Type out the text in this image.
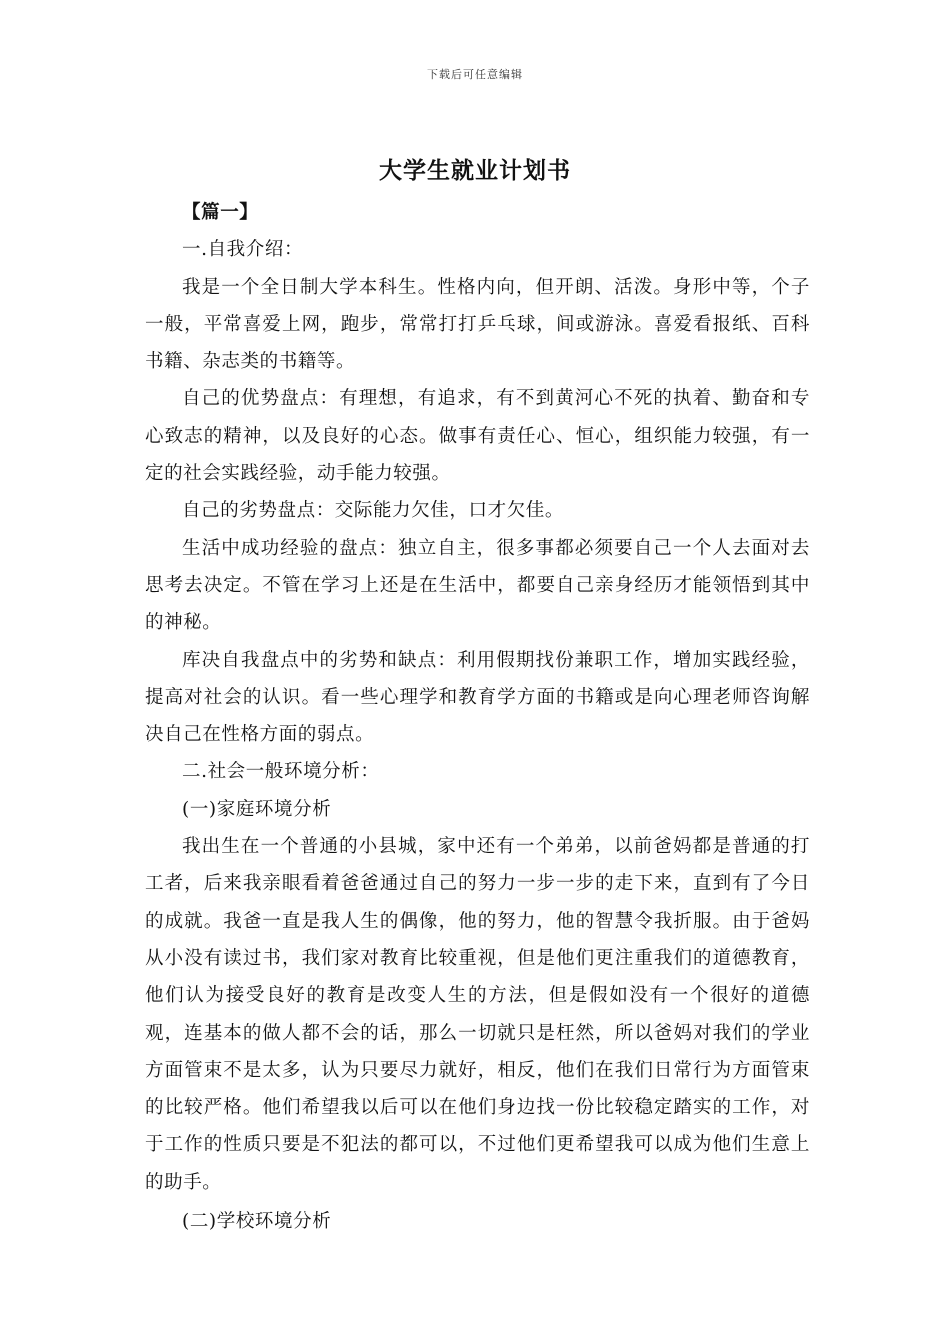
下载后可任意编辑
大学生就业计划书

【篇一】

一.自我介绍：

我是一个全日制大学本科生。性格内向，但开朗、活泼。身形中等，个子一般，平常喜爱上网，跑步，常常打打乒乓球，间或游泳。喜爱看报纸、百科书籍、杂志类的书籍等。

自己的优势盘点：有理想，有追求，有不到黄河心不死的执着、勤奋和专心致志的精神，以及良好的心态。做事有责任心、恒心，组织能力较强，有一定的社会实践经验，动手能力较强。

自己的劣势盘点：交际能力欠佳，口才欠佳。

生活中成功经验的盘点：独立自主，很多事都必须要自己一个人去面对去思考去决定。不管在学习上还是在生活中，都要自己亲身经历才能领悟到其中的神秘。

库决自我盘点中的劣势和缺点：利用假期找份兼职工作，增加实践经验，提高对社会的认识。看一些心理学和教育学方面的书籍或是向心理老师咨询解决自己在性格方面的弱点。

二.社会一般环境分析：

(一)家庭环境分析

我出生在一个普通的小县城，家中还有一个弟弟，以前爸妈都是普通的打工者，后来我亲眼看着爸爸通过自己的努力一步一步的走下来，直到有了今日的成就。我爸一直是我人生的偶像，他的努力，他的智慧令我折服。由于爸妈从小没有读过书，我们家对教育比较重视，但是他们更注重我们的道德教育，他们认为接受良好的教育是改变人生的方法，但是假如没有一个很好的道德观，连基本的做人都不会的话，那么一切就只是枉然，所以爸妈对我们的学业方面管束不是太多，认为只要尽力就好，相反，他们在我们日常行为方面管束的比较严格。他们希望我以后可以在他们身边找一份比较稳定踏实的工作，对于工作的性质只要是不犯法的都可以，不过他们更希望我可以成为他们生意上的助手。

(二)学校环境分析
